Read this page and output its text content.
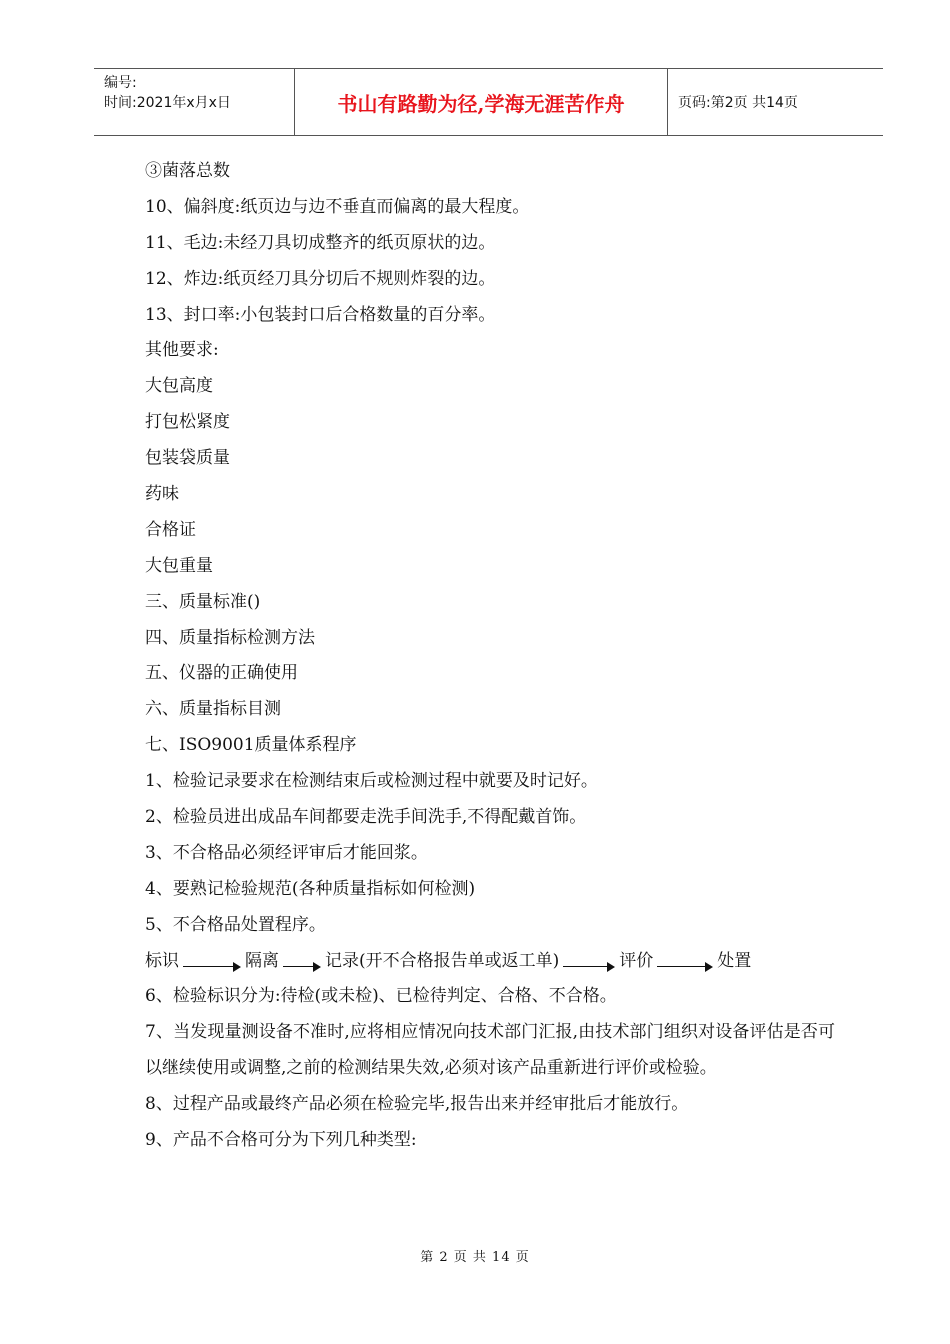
编号:
时间:2021年x月x日	书山有路勤为径,学海无涯苦作舟	页码:第2页 共14页
③菌落总数
10、偏斜度:纸页边与边不垂直而偏离的最大程度。
11、毛边:未经刀具切成整齐的纸页原状的边。
12、炸边:纸页经刀具分切后不规则炸裂的边。
13、封口率:小包装封口后合格数量的百分率。
其他要求:
大包高度
打包松紧度
包装袋质量
药味
合格证
大包重量
三、质量标准()
四、质量指标检测方法
五、仪器的正确使用
六、质量指标目测
七、ISO9001质量体系程序
1、检验记录要求在检测结束后或检测过程中就要及时记好。
2、检验员进出成品车间都要走洗手间洗手,不得配戴首饰。
3、不合格品必须经评审后才能回浆。
4、要熟记检验规范(各种质量指标如何检测)
5、不合格品处置程序。
标识	隔离	记录(开不合格报告单或返工单)	评价	处置
6、检验标识分为:待检(或未检)、已检待判定、合格、不合格。
7、当发现量测设备不准时,应将相应情况向技术部门汇报,由技术部门组织对设备评估是否可以继续使用或调整,之前的检测结果失效,必须对该产品重新进行评价或检验。
8、过程产品或最终产品必须在检验完毕,报告出来并经审批后才能放行。
9、产品不合格可分为下列几种类型:
第 2 页 共 14 页
